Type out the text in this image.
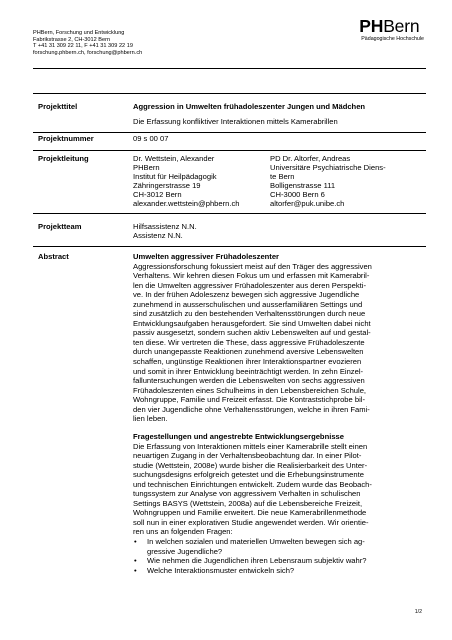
PHBern, Forschung und Entwicklung
Fabrikstrasse 2, CH-3012 Bern
T +41 31 309 22 11, F +41 31 309 22 19
forschung.phbern.ch, forschung@phbern.ch
PHBern
Pädagogische Hochschule
Projekttitel	Aggression in Umwelten frühadoleszenter Jungen und Mädchen
Die Erfassung konfliktiver Interaktionen mittels Kamerabrillen
Projektnummer	09 s 00 07
Projektleitung	Dr. Wettstein, Alexander
PHBern
Institut für Heilpädagogik
Zähringerstrasse 19
CH-3012 Bern
alexander.wettstein@phbern.ch
PD Dr. Altorfer, Andreas
Universitäre Psychiatrische Diens-
te Bern
Bolligenstrasse 111
CH-3000 Bern 6
altorfer@puk.unibe.ch
Projektteam	Hilfsassistenz N.N.
Assistenz N.N.
Abstract	Umwelten aggressiver Frühadoleszenter
Aggressionsforschung fokussiert meist auf den Träger des aggressiven
Verhaltens. Wir kehren diesen Fokus um und erfassen mit Kamerabril-
len die Umwelten aggressiver Frühadoleszenter aus deren Perspekti-
ve. In der frühen Adoleszenz bewegen sich aggressive Jugendliche
zunehmend in ausserschulischen und ausserfamiliären Settings und
sind zusätzlich zu den bestehenden Verhaltensstörungen durch neue
Entwicklungsaufgaben herausgefordert. Sie sind Umwelten dabei nicht
passiv ausgesetzt, sondern suchen aktiv Lebenswelten auf und gestal-
ten diese. Wir vertreten die These, dass aggressive Frühadoleszente
durch unangepasste Reaktionen zunehmend aversive Lebenswelten
schaffen, ungünstige Reaktionen ihrer Interaktionspartner evozieren
und somit in ihrer Entwicklung beeinträchtigt werden. In zehn Einzel-
falluntersuchungen werden die Lebenswelten von sechs aggressiven
Frühadoleszenten eines Schulheims in den Lebensbereichen Schule,
Wohngruppe, Familie und Freizeit erfasst. Die Kontraststichprobe bil-
den vier Jugendliche ohne Verhaltensstörungen, welche in ihren Fami-
lien leben.
Fragestellungen und angestrebte Entwicklungsergebnisse
Die Erfassung von Interaktionen mittels einer Kamerabrille stellt einen
neuartigen Zugang in der Verhaltensbeobachtung dar. In einer Pilot-
studie (Wettstein, 2008e) wurde bisher die Realisierbarkeit des Unter-
suchungsdesigns erfolgreich getestet und die Erhebungsinstrumente
und technischen Einrichtungen entwickelt. Zudem wurde das Beobach-
tungssystem zur Analyse von aggressivem Verhalten in schulischen
Settings BASYS (Wettstein, 2008a) auf die Lebensbereiche Freizeit,
Wohngruppen und Familie erweitert. Die neue Kamerabrillenmethode
soll nun in einer explorativen Studie angewendet werden. Wir orientie-
ren uns an folgenden Fragen:
• In welchen sozialen und materiellen Umwelten bewegen sich ag-
gressive Jugendliche?
• Wie nehmen die Jugendlichen ihren Lebensraum subjektiv wahr?
• Welche Interaktionsmuster entwickeln sich?
1/2
